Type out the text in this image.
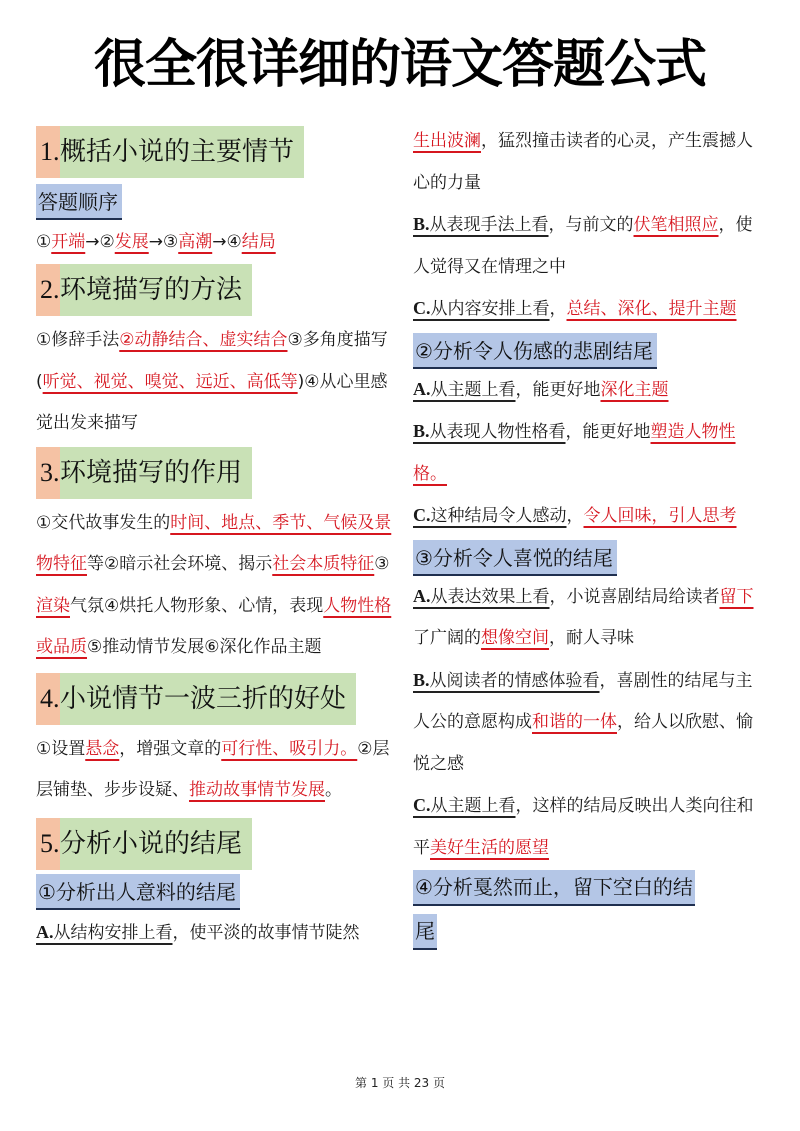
很全很详细的语文答题公式
1.概括小说的主要情节
答题顺序

①开端→②发展→③高潮→④结局

2.环境描写的方法

①修辞手法②动静结合、虚实结合③多角度描写(听觉、视觉、嗅觉、远近、高低等)④从心里感觉出发来描写

3.环境描写的作用

①交代故事发生的时间、地点、季节、气候及景物特征等②暗示社会环境、揭示社会本质特征③渲染气氛④烘托人物形象、心情，表现人物性格或品质⑤推动情节发展⑥深化作品主题

4.小说情节一波三折的好处

①设置悬念，增强文章的可行性、吸引力。②层层铺垫、步步设疑、推动故事情节发展。

5.分析小说的结尾
①分析出人意料的结尾

A.从结构安排上看，使平淡的故事情节陡然

生出波澜，猛烈撞击读者的心灵，产生震撼人心的力量

B.从表现手法上看，与前文的伏笔相照应，使人觉得又在情理之中

C.从内容安排上看，总结、深化、提升主题

②分析令人伤感的悲剧结尾

A.从主题上看，能更好地深化主题

B.从表现人物性格看，能更好地塑造人物性格。

C.这种结局令人感动，令人回味，引人思考

③分析令人喜悦的结尾

A.从表达效果上看，小说喜剧结局给读者留下了广阔的想像空间，耐人寻味

B.从阅读者的情感体验看，喜剧性的结尾与主人公的意愿构成和谐的一体，给人以欣慰、愉悦之感

C.从主题上看，这样的结局反映出人类向往和平美好生活的愿望

④分析戛然而止，留下空白的结
尾
第 1 页 共 23 页
